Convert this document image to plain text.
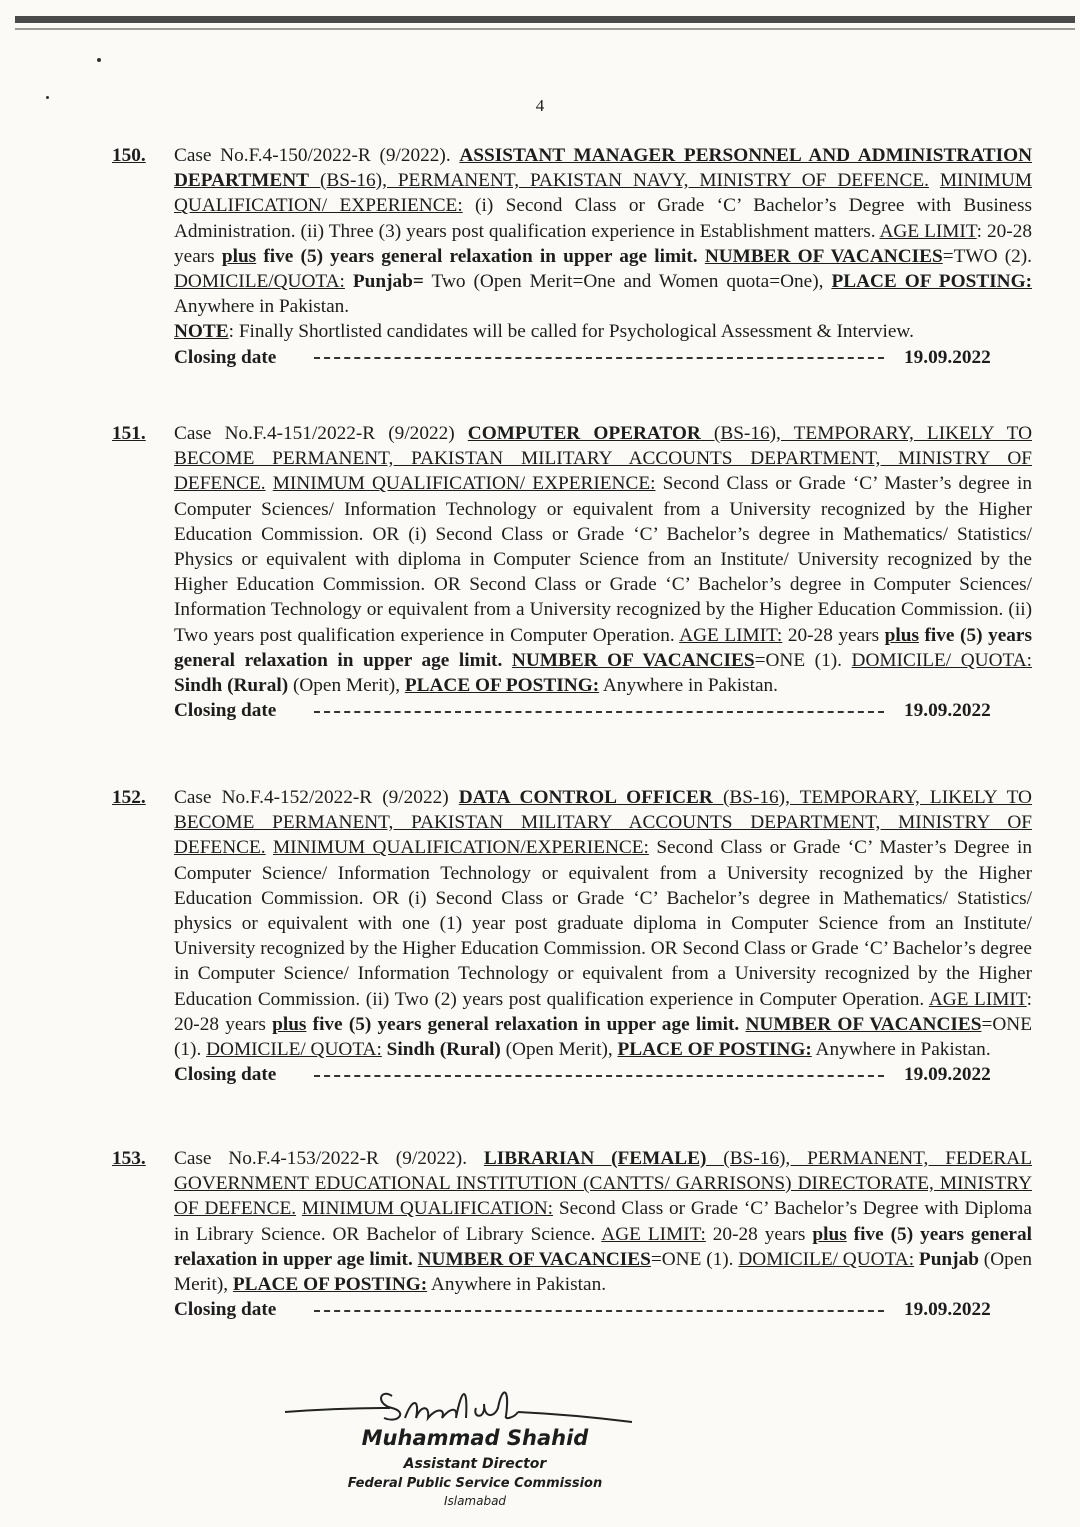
4
150. Case No.F.4-150/2022-R (9/2022). ASSISTANT MANAGER PERSONNEL AND ADMINISTRATION DEPARTMENT (BS-16), PERMANENT, PAKISTAN NAVY, MINISTRY OF DEFENCE. MINIMUM QUALIFICATION/ EXPERIENCE: (i) Second Class or Grade ‘C’ Bachelor’s Degree with Business Administration. (ii) Three (3) years post qualification experience in Establishment matters. AGE LIMIT: 20-28 years plus five (5) years general relaxation in upper age limit. NUMBER OF VACANCIES=TWO (2). DOMICILE/QUOTA: Punjab= Two (Open Merit=One and Women quota=One), PLACE OF POSTING: Anywhere in Pakistan.

NOTE: Finally Shortlisted candidates will be called for Psychological Assessment & Interview.

Closing date	19.09.2022
151. Case No.F.4-151/2022-R (9/2022) COMPUTER OPERATOR (BS-16), TEMPORARY, LIKELY TO BECOME PERMANENT, PAKISTAN MILITARY ACCOUNTS DEPARTMENT, MINISTRY OF DEFENCE. MINIMUM QUALIFICATION/ EXPERIENCE: Second Class or Grade ‘C’ Master’s degree in Computer Sciences/ Information Technology or equivalent from a University recognized by the Higher Education Commission. OR (i) Second Class or Grade ‘C’ Bachelor’s degree in Mathematics/ Statistics/ Physics or equivalent with diploma in Computer Science from an Institute/ University recognized by the Higher Education Commission. OR Second Class or Grade ‘C’ Bachelor’s degree in Computer Sciences/ Information Technology or equivalent from a University recognized by the Higher Education Commission. (ii) Two years post qualification experience in Computer Operation. AGE LIMIT: 20-28 years plus five (5) years general relaxation in upper age limit. NUMBER OF VACANCIES=ONE (1). DOMICILE/ QUOTA: Sindh (Rural) (Open Merit), PLACE OF POSTING: Anywhere in Pakistan.

Closing date	19.09.2022
152. Case No.F.4-152/2022-R (9/2022) DATA CONTROL OFFICER (BS-16), TEMPORARY, LIKELY TO BECOME PERMANENT, PAKISTAN MILITARY ACCOUNTS DEPARTMENT, MINISTRY OF DEFENCE. MINIMUM QUALIFICATION/EXPERIENCE: Second Class or Grade ‘C’ Master’s Degree in Computer Science/ Information Technology or equivalent from a University recognized by the Higher Education Commission. OR (i) Second Class or Grade ‘C’ Bachelor’s degree in Mathematics/ Statistics/ physics or equivalent with one (1) year post graduate diploma in Computer Science from an Institute/ University recognized by the Higher Education Commission. OR Second Class or Grade ‘C’ Bachelor’s degree in Computer Science/ Information Technology or equivalent from a University recognized by the Higher Education Commission. (ii) Two (2) years post qualification experience in Computer Operation. AGE LIMIT: 20-28 years plus five (5) years general relaxation in upper age limit. NUMBER OF VACANCIES=ONE (1). DOMICILE/ QUOTA: Sindh (Rural) (Open Merit), PLACE OF POSTING: Anywhere in Pakistan.

Closing date	19.09.2022
153. Case No.F.4-153/2022-R (9/2022). LIBRARIAN (FEMALE) (BS-16), PERMANENT, FEDERAL GOVERNMENT EDUCATIONAL INSTITUTION (CANTTS/ GARRISONS) DIRECTORATE, MINISTRY OF DEFENCE. MINIMUM QUALIFICATION: Second Class or Grade ‘C’ Bachelor’s Degree with Diploma in Library Science. OR Bachelor of Library Science. AGE LIMIT: 20-28 years plus five (5) years general relaxation in upper age limit. NUMBER OF VACANCIES=ONE (1). DOMICILE/ QUOTA: Punjab (Open Merit), PLACE OF POSTING: Anywhere in Pakistan.

Closing date	19.09.2022
Muhammad Shahid
Assistant Director
Federal Public Service Commission
Islamabad
